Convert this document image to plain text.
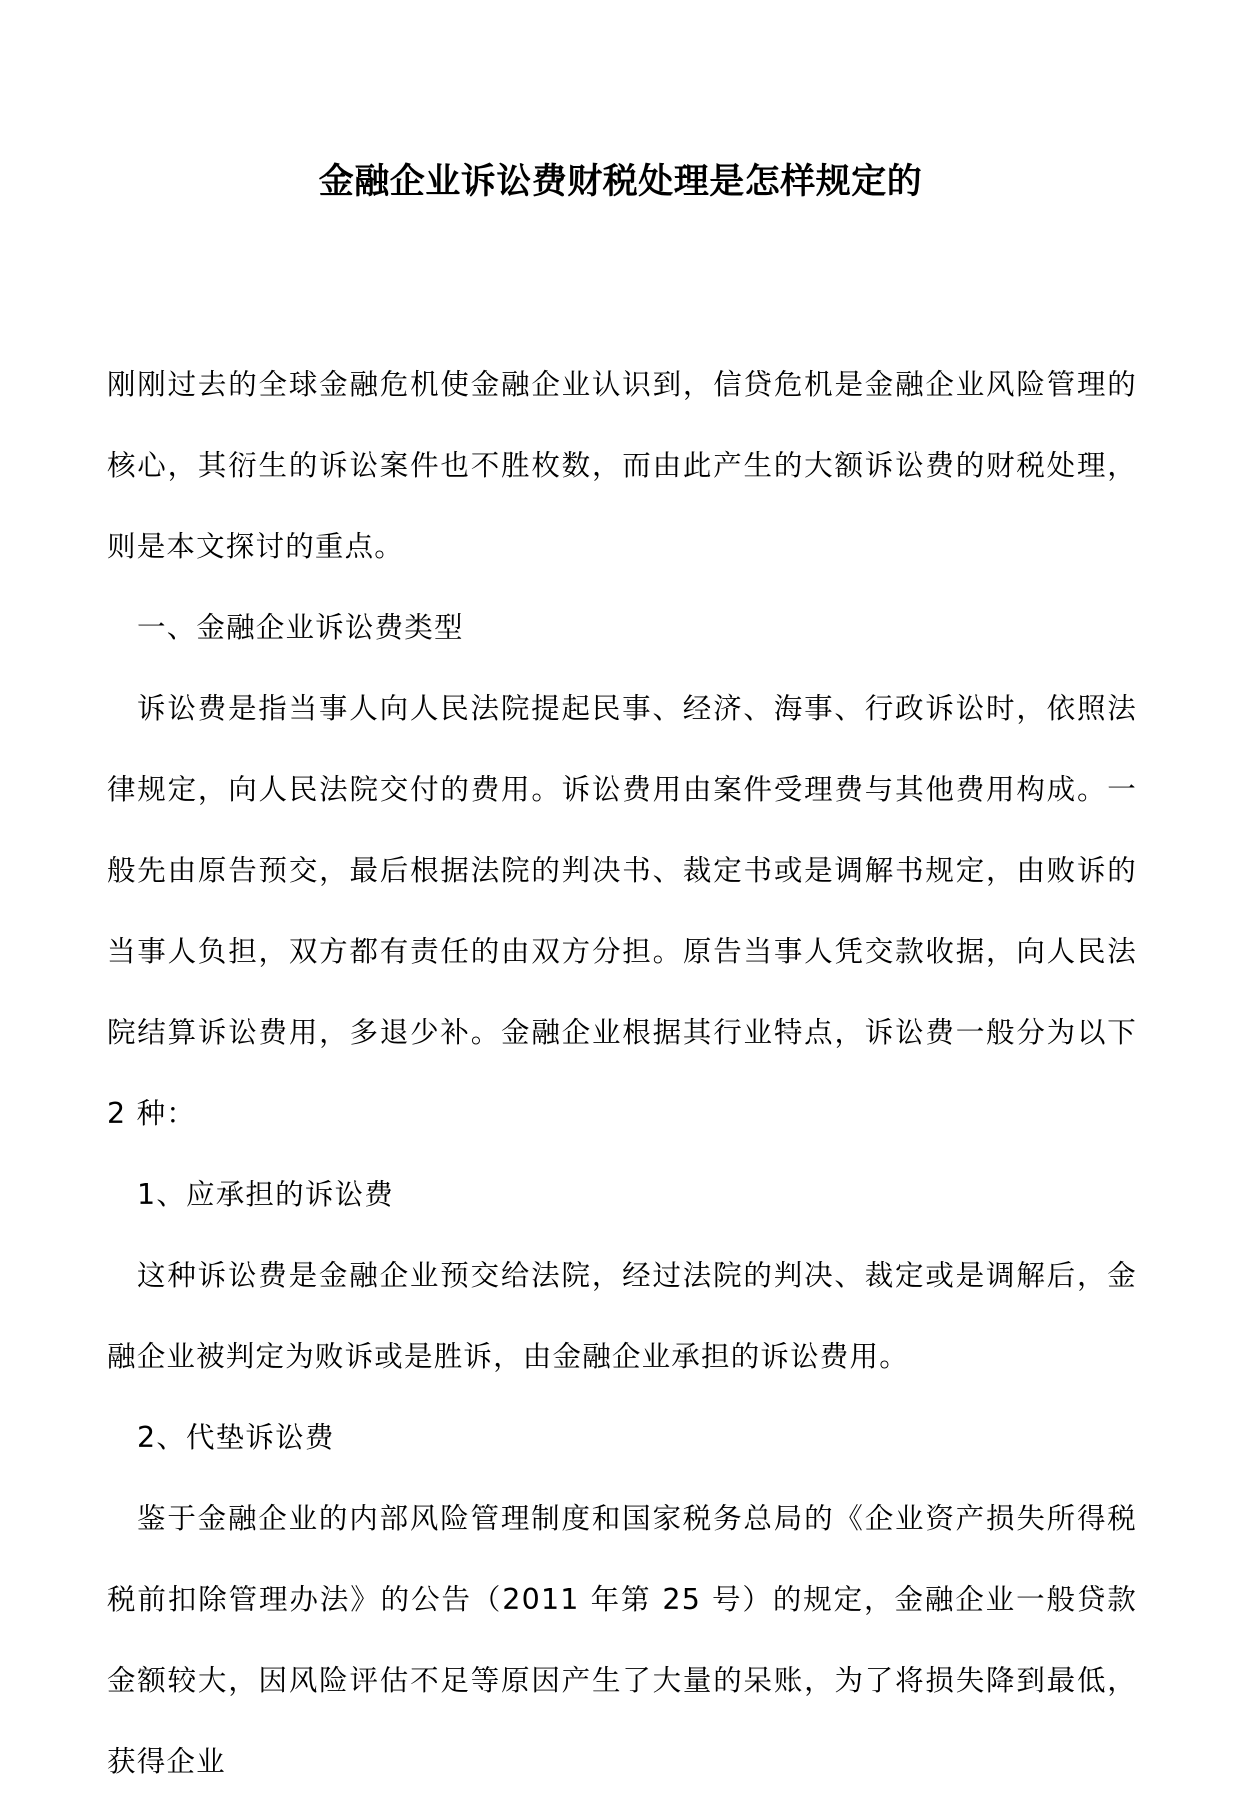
金融企业诉讼费财税处理是怎样规定的

刚刚过去的全球金融危机使金融企业认识到，信贷危机是金融企业风险管理的核心，其衍生的诉讼案件也不胜枚数，而由此产生的大额诉讼费的财税处理，则是本文探讨的重点。

一、金融企业诉讼费类型

诉讼费是指当事人向人民法院提起民事、经济、海事、行政诉讼时，依照法律规定，向人民法院交付的费用。诉讼费用由案件受理费与其他费用构成。一般先由原告预交，最后根据法院的判决书、裁定书或是调解书规定，由败诉的当事人负担，双方都有责任的由双方分担。原告当事人凭交款收据，向人民法院结算诉讼费用，多退少补。金融企业根据其行业特点，诉讼费一般分为以下 2 种：

1、应承担的诉讼费

这种诉讼费是金融企业预交给法院，经过法院的判决、裁定或是调解后，金融企业被判定为败诉或是胜诉，由金融企业承担的诉讼费用。

2、代垫诉讼费

鉴于金融企业的内部风险管理制度和国家税务总局的《企业资产损失所得税税前扣除管理办法》的公告（2011 年第 25 号）的规定，金融企业一般贷款金额较大，因风险评估不足等原因产生了大量的呆账，为了将损失降到最低，获得企业
